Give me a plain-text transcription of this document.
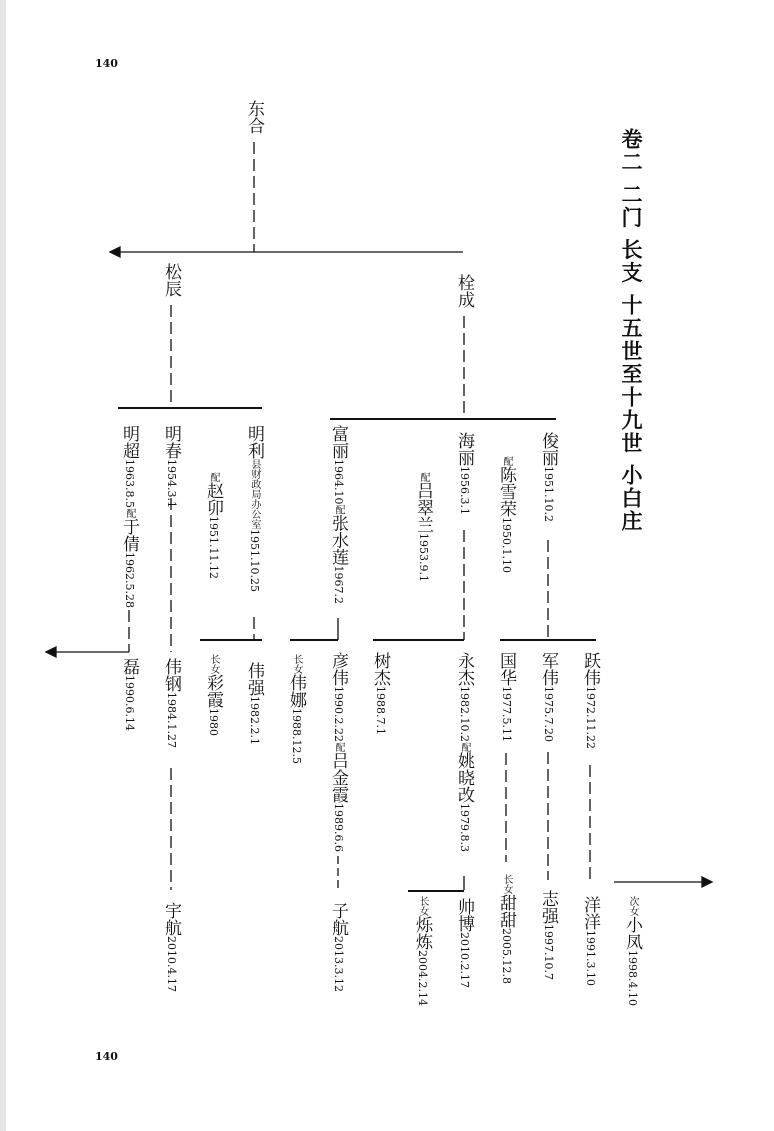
140
140
卷二 二门 长支 十五世至十九世 小白庄
东合
松辰	栓成
明超1963.8.5配于倩1962.5.28
明春1954.3.1	配赵卯1951.11.12
明利县财政局办公室1951.10.25
富丽1964.10配张水莲1967.2
配吕翠兰1953.9.1
海丽1956.3.1
配陈雪荣1950.1.10
俊丽1951.10.2
磊1990.6.14 伟钢1984.1.27
长女彩霞1980
伟强1982.2.1
长女伟娜1988.12.5
彦伟1990.2.22配吕金霞1989.6.6
树杰1988.7.1
永杰1982.10.2配姚晓改1979.8.3
国华1977.5.11
军伟1975.7.20
跃伟1972.11.22
宇航2010.4.17
子航2013.3.12
长女烁炼2004.2.14
帅博2010.2.17
长女甜甜2005.12.8
志强1997.10.7
洋洋1991.3.10
次女小凤1998.4.10
